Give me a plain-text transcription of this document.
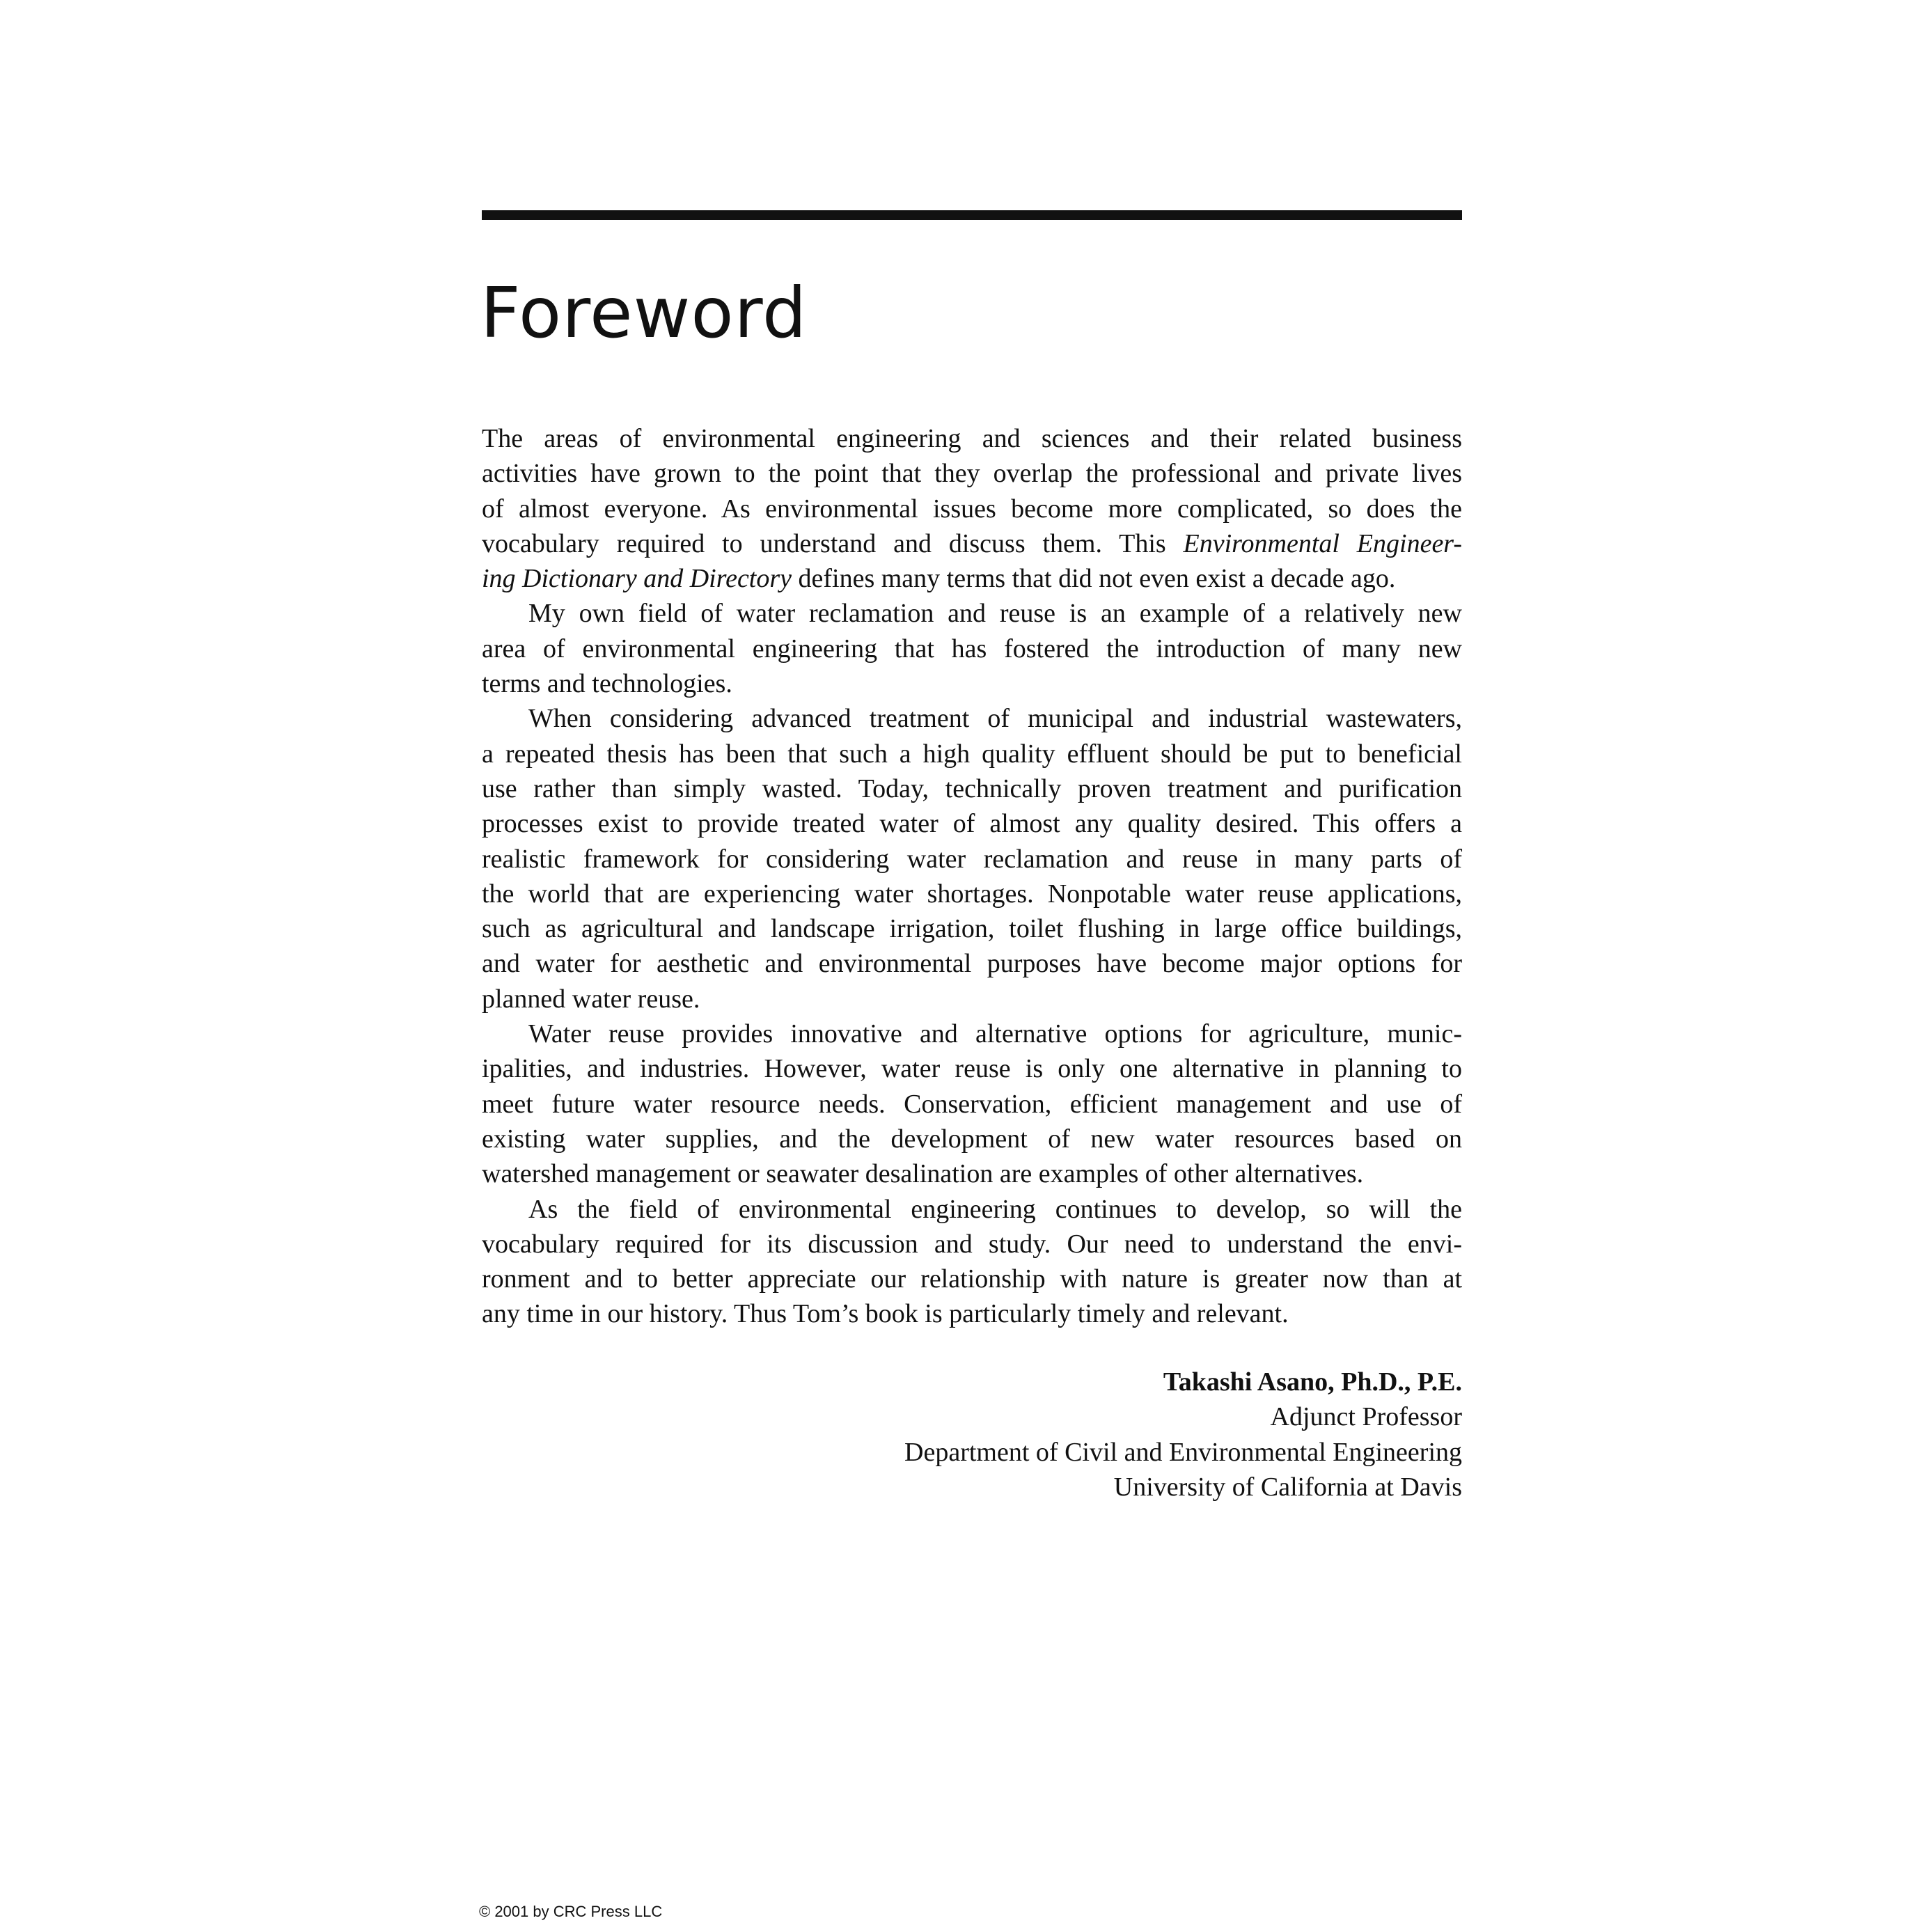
Foreword

The areas of environmental engineering and sciences and their related business
activities have grown to the point that they overlap the professional and private lives
of almost everyone. As environmental issues become more complicated, so does the
vocabulary required to understand and discuss them. This Environmental Engineer-
ing Dictionary and Directory defines many terms that did not even exist a decade ago.

My own field of water reclamation and reuse is an example of a relatively new
area of environmental engineering that has fostered the introduction of many new
terms and technologies.

When considering advanced treatment of municipal and industrial wastewaters,
a repeated thesis has been that such a high quality effluent should be put to beneficial
use rather than simply wasted. Today, technically proven treatment and purification
processes exist to provide treated water of almost any quality desired. This offers a
realistic framework for considering water reclamation and reuse in many parts of
the world that are experiencing water shortages. Nonpotable water reuse applications,
such as agricultural and landscape irrigation, toilet flushing in large office buildings,
and water for aesthetic and environmental purposes have become major options for
planned water reuse.

Water reuse provides innovative and alternative options for agriculture, munic-
ipalities, and industries. However, water reuse is only one alternative in planning to
meet future water resource needs. Conservation, efficient management and use of
existing water supplies, and the development of new water resources based on
watershed management or seawater desalination are examples of other alternatives.

As the field of environmental engineering continues to develop, so will the
vocabulary required for its discussion and study. Our need to understand the envi-
ronment and to better appreciate our relationship with nature is greater now than at
any time in our history. Thus Tom’s book is particularly timely and relevant.

Takashi Asano, Ph.D., P.E.
Adjunct Professor
Department of Civil and Environmental Engineering
University of California at Davis
© 2001 by CRC Press LLC
